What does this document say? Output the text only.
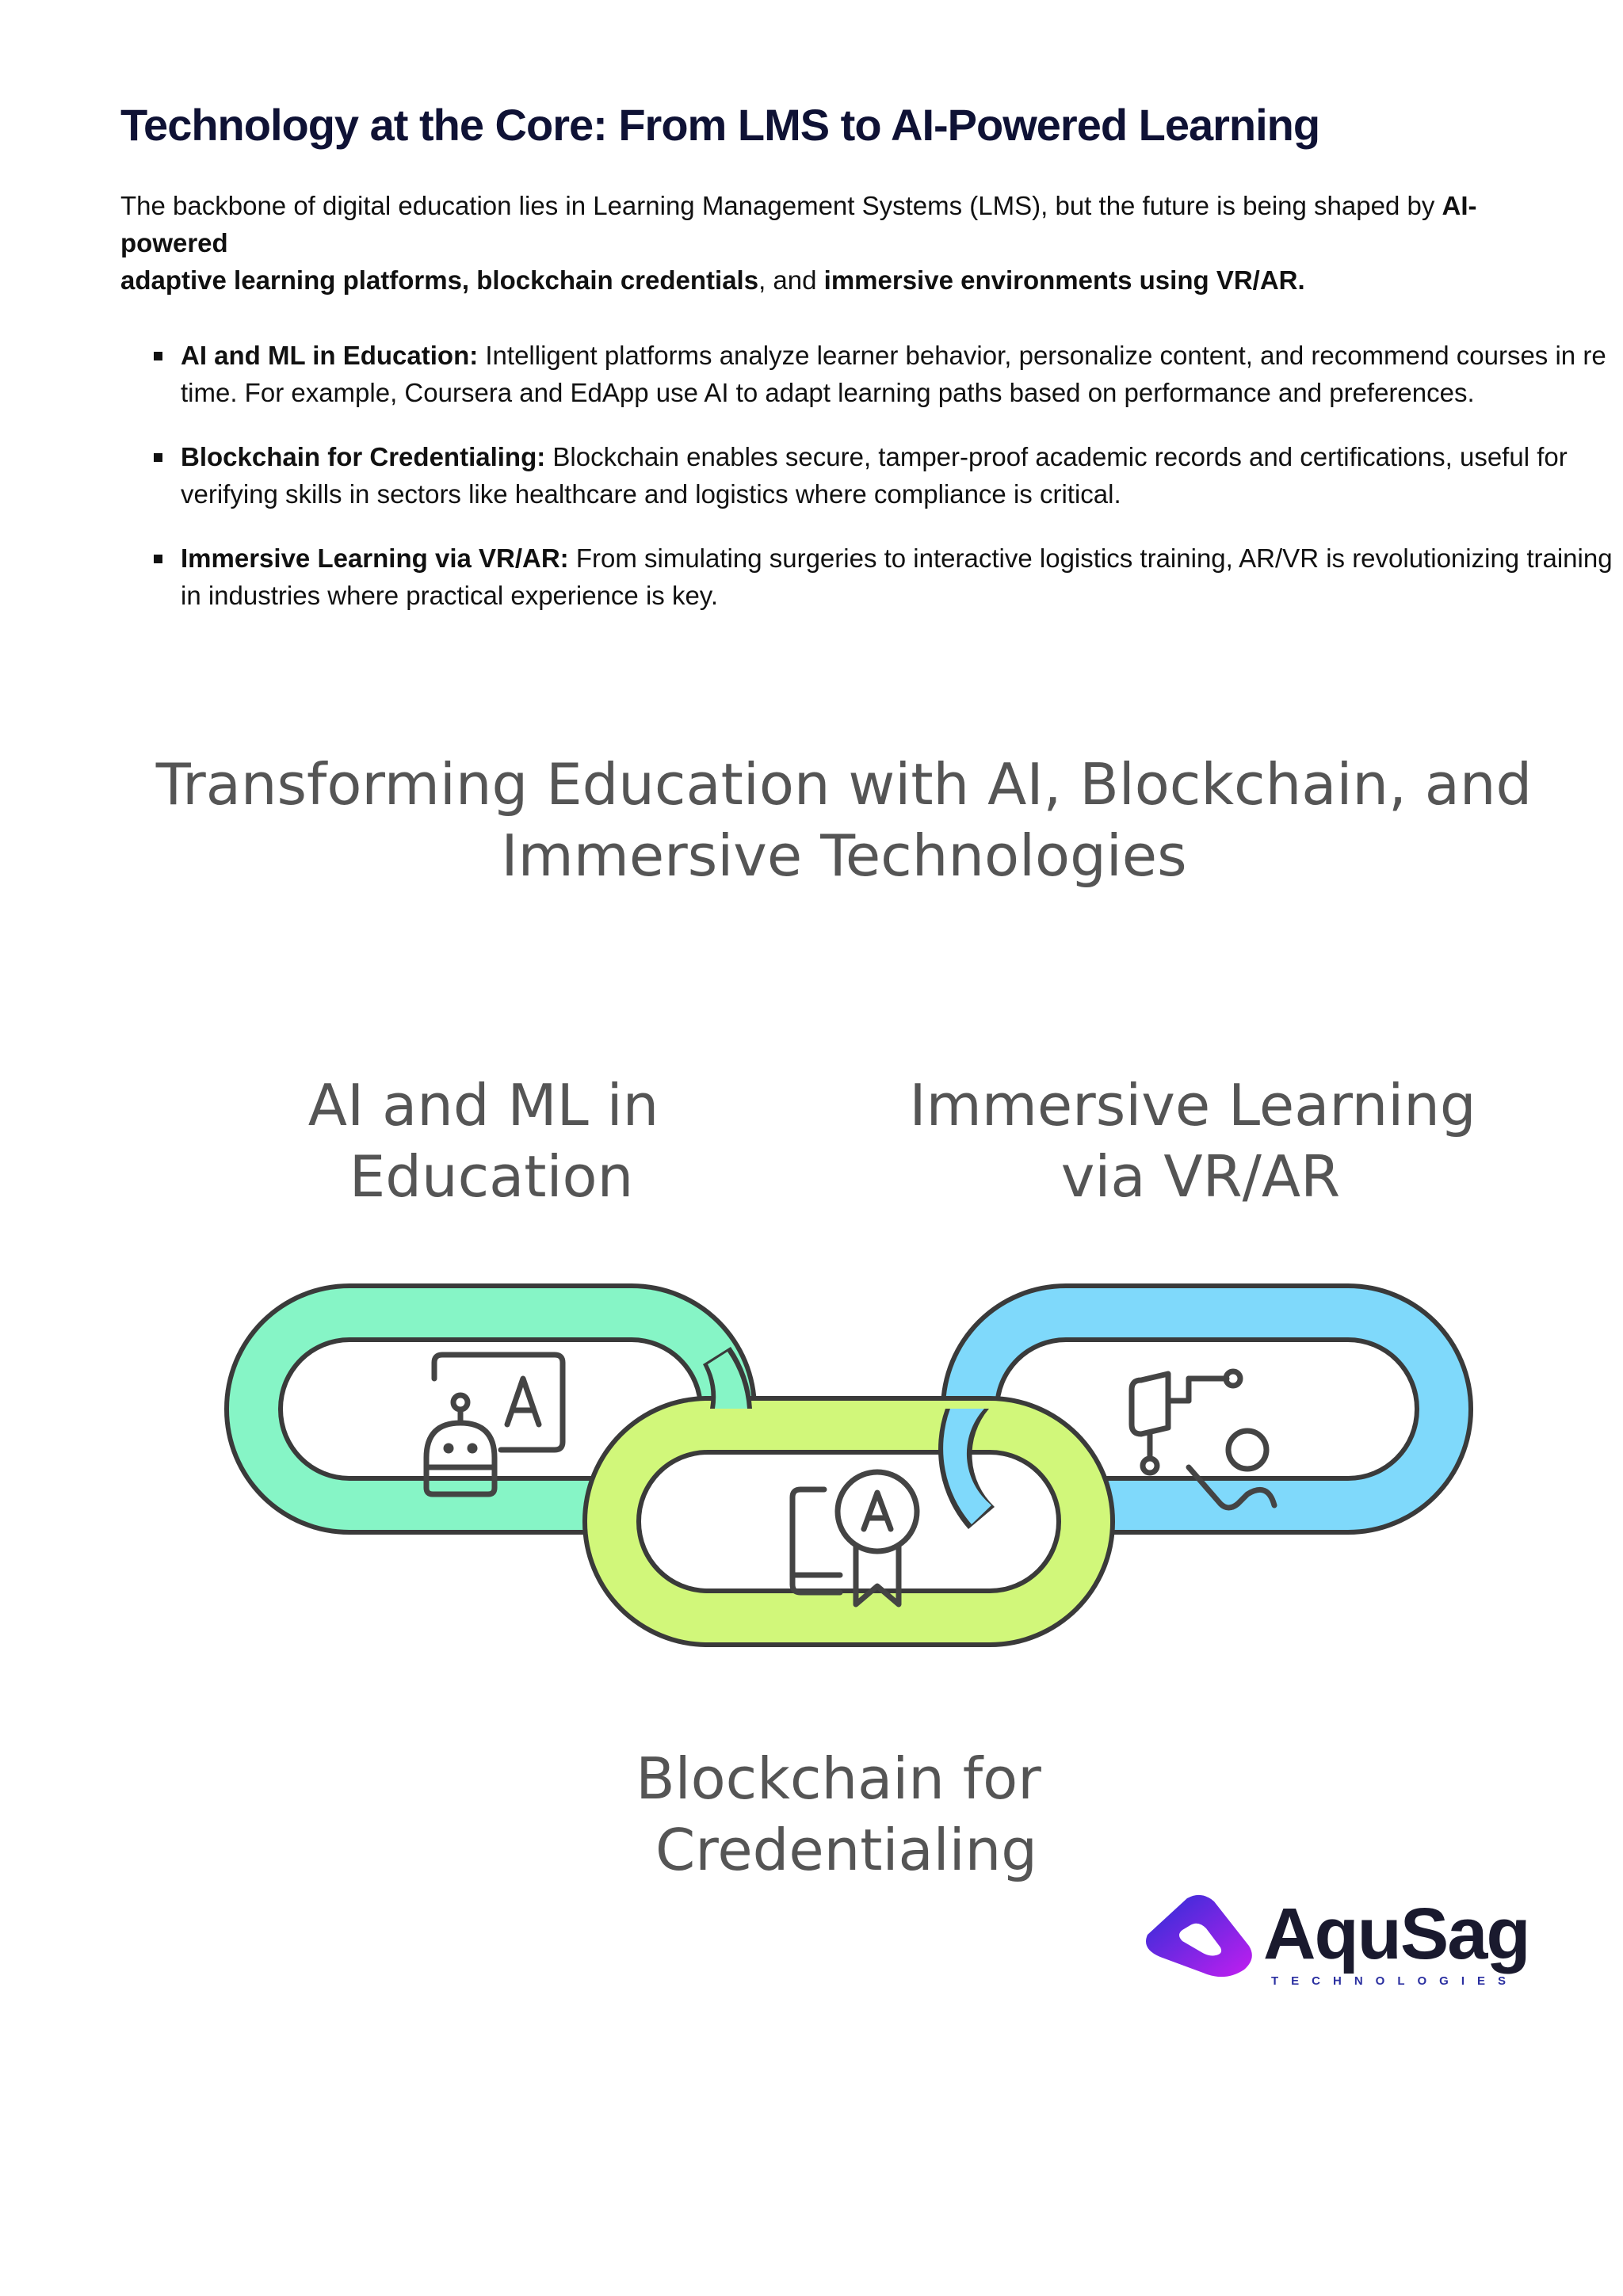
Technology at the Core: From LMS to AI-Powered Learning

The backbone of digital education lies in Learning Management Systems (LMS), but the future is being shaped by AI-powered
adaptive learning platforms, blockchain credentials, and immersive environments using VR/AR.

AI and ML in Education: Intelligent platforms analyze learner behavior, personalize content, and recommend courses in re
time. For example, Coursera and EdApp use AI to adapt learning paths based on performance and preferences.
Blockchain for Credentialing: Blockchain enables secure, tamper-proof academic records and certifications, useful for
verifying skills in sectors like healthcare and logistics where compliance is critical.
Immersive Learning via VR/AR: From simulating surgeries to interactive logistics training, AR/VR is revolutionizing training
in industries where practical experience is key.
Transforming Education with AI, Blockchain, and
Immersive Technologies
AI and ML in
Education
Immersive Learning
via VR/AR
Blockchain for
Credentialing
AquSag
TECHNOLOGIES
